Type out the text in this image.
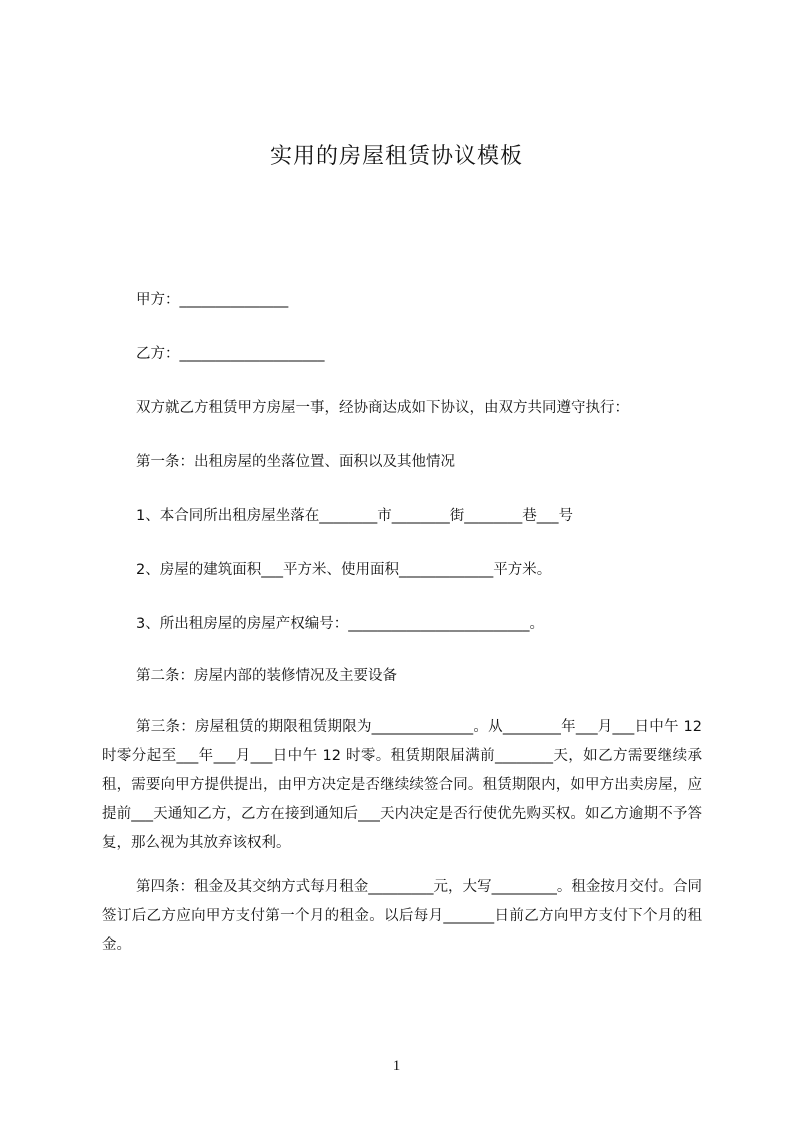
实用的房屋租赁协议模板
甲方：_______________
乙方：____________________
双方就乙方租赁甲方房屋一事，经协商达成如下协议，由双方共同遵守执行：
第一条：出租房屋的坐落位置、面积以及其他情况
1、本合同所出租房屋坐落在________市________街________巷___号
2、房屋的建筑面积___平方米、使用面积_____________平方米。
3、所出租房屋的房屋产权编号：_________________________。
第二条：房屋内部的装修情况及主要设备
第三条：房屋租赁的期限租赁期限为______________。从________年___月___日中午 12 时零分起至___年___月___日中午 12 时零。租赁期限届满前________天，如乙方需要继续承租，需要向甲方提供提出，由甲方决定是否继续续签合同。租赁期限内，如甲方出卖房屋，应提前___天通知乙方，乙方在接到通知后___天内决定是否行使优先购买权。如乙方逾期不予答复，那么视为其放弃该权利。
第四条：租金及其交纳方式每月租金_________元，大写_________。租金按月交付。合同签订后乙方应向甲方支付第一个月的租金。以后每月_______日前乙方向甲方支付下个月的租金。
1
